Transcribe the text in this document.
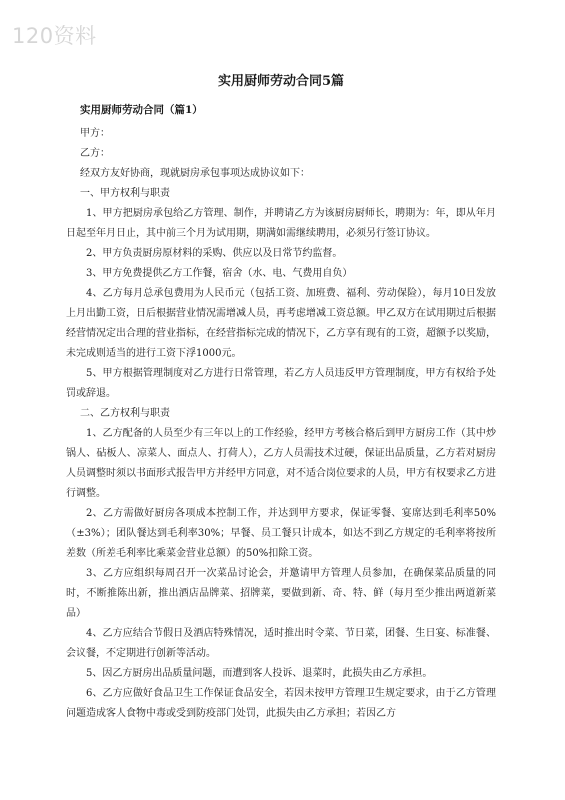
120资料
实用厨师劳动合同5篇
实用厨师劳动合同（篇1）

甲方：

乙方：

经双方友好协商，现就厨房承包事项达成协议如下：

一、甲方权利与职责

1、甲方把厨房承包给乙方管理、制作，并聘请乙方为该厨房厨师长，聘期为：年，即从年月日起至年月日止，其中前三个月为试用期，期满如需继续聘用，必须另行签订协议。

2、甲方负责厨房原材料的采购、供应以及日常节约监督。

3、甲方免费提供乙方工作餐，宿舍（水、电、气费用自负）

4、乙方每月总承包费用为人民币元（包括工资、加班费、福利、劳动保险），每月10日发放上月出勤工资，日后根据营业情况需增减人员，再考虑增减工资总额。甲乙双方在试用期过后根据经营情况定出合理的营业指标，在经营指标完成的情况下，乙方享有现有的工资，超额予以奖励，未完成则适当的进行工资下浮1000元。

5、甲方根据管理制度对乙方进行日常管理，若乙方人员违反甲方管理制度，甲方有权给予处罚或辞退。

二、乙方权利与职责

1、乙方配备的人员至少有三年以上的工作经验，经甲方考核合格后到甲方厨房工作（其中炒锅人、砧板人、凉菜人、面点人、打荷人），乙方人员需技术过硬，保证出品质量，乙方若对厨房人员调整时须以书面形式报告甲方并经甲方同意，对不适合岗位要求的人员，甲方有权要求乙方进行调整。

2、乙方需做好厨房各项成本控制工作，并达到甲方要求，保证零餐、宴席达到毛利率50%（±3%）；团队餐达到毛利率30%；早餐、员工餐只计成本，如达不到乙方规定的毛利率将按所差数（所差毛利率比乘菜金营业总额）的50%扣除工资。

3、乙方应组织每周召开一次菜品讨论会，并邀请甲方管理人员参加，在确保菜品质量的同时，不断推陈出新，推出酒店品牌菜、招牌菜，要做到新、奇、特、鲜（每月至少推出两道新菜品）

4、乙方应结合节假日及酒店特殊情况，适时推出时令菜、节日菜，团餐、生日宴、标准餐、会议餐，不定期进行创新等活动。

5、因乙方厨房出品质量问题，而遭到客人投诉、退菜时，此损失由乙方承担。

6、乙方应做好食品卫生工作保证食品安全，若因未按甲方管理卫生规定要求，由于乙方管理问题造成客人食物中毒或受到防疫部门处罚，此损失由乙方承担；若因乙方
